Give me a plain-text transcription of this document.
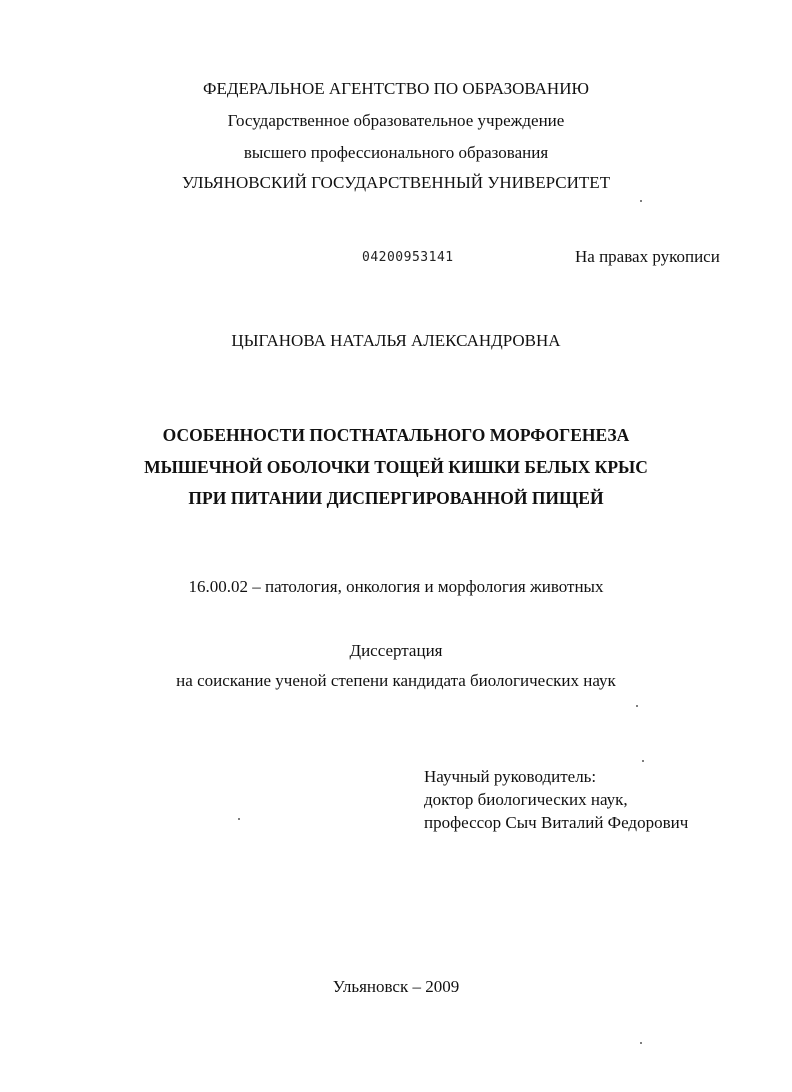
ФЕДЕРАЛЬНОЕ АГЕНТСТВО ПО ОБРАЗОВАНИЮ
Государственное образовательное учреждение
высшего профессионального образования
УЛЬЯНОВСКИЙ ГОСУДАРСТВЕННЫЙ УНИВЕРСИТЕТ
04200953141	На правах рукописи
ЦЫГАНОВА НАТАЛЬЯ АЛЕКСАНДРОВНА
ОСОБЕННОСТИ ПОСТНАТАЛЬНОГО МОРФОГЕНЕЗА
МЫШЕЧНОЙ ОБОЛОЧКИ ТОЩЕЙ КИШКИ БЕЛЫХ КРЫС
ПРИ ПИТАНИИ ДИСПЕРГИРОВАННОЙ ПИЩЕЙ
16.00.02 – патология, онкология и морфология животных
Диссертация
на соискание ученой степени кандидата биологических наук
Научный руководитель:
доктор биологических наук,
профессор Сыч Виталий Федорович
Ульяновск – 2009
